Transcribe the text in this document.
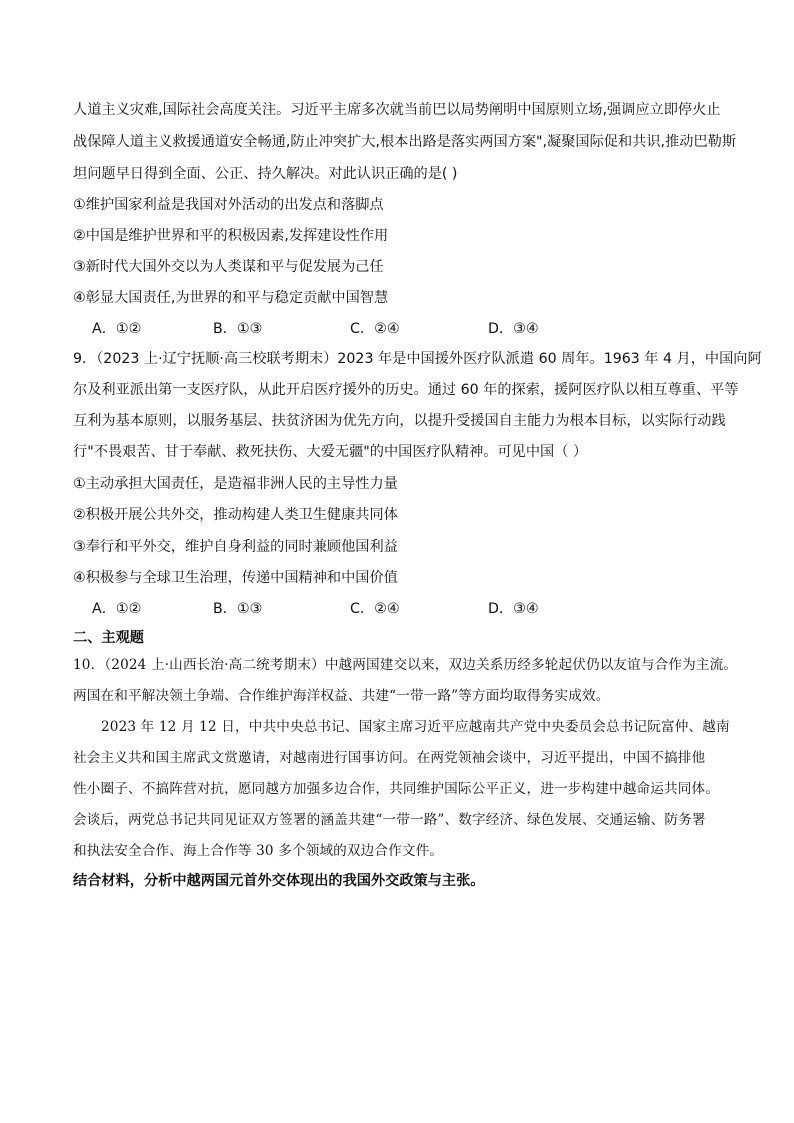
人道主义灾难,国际社会高度关注。习近平主席多次就当前巴以局势阐明中国原则立场,强调应立即停火止
战保障人道主义救援通道安全畅通,防止冲突扩大,根本出路是落实两国方案",凝聚国际促和共识,推动巴勒斯
坦问题早日得到全面、公正、持久解决。对此认识正确的是( )
①维护国家利益是我国对外活动的出发点和落脚点
②中国是维护世界和平的积极因素,发挥建设性作用
③新时代大国外交以为人类谋和平与促发展为己任
④彰显大国责任,为世界的和平与稳定贡献中国智慧
A．①②	B．①③	C．②④	D．③④
9．（2023 上·辽宁抚顺·高三校联考期末）2023 年是中国援外医疗队派遣 60 周年。1963 年 4 月，中国向阿
尔及利亚派出第一支医疗队，从此开启医疗援外的历史。通过 60 年的探索，援阿医疗队以相互尊重、平等
互利为基本原则，以服务基层、扶贫济困为优先方向，以提升受援国自主能力为根本目标，以实际行动践
行"不畏艰苦、甘于奉献、救死扶伤、大爱无疆"的中国医疗队精神。可见中国（ ）
①主动承担大国责任，是造福非洲人民的主导性力量
②积极开展公共外交，推动构建人类卫生健康共同体
③奉行和平外交，维护自身利益的同时兼顾他国利益
④积极参与全球卫生治理，传递中国精神和中国价值
A．①②	B．①③	C．②④	D．③④
二、主观题
10．（2024 上·山西长治·高二统考期末）中越两国建交以来，双边关系历经多轮起伏仍以友谊与合作为主流。
两国在和平解决领土争端、合作维护海洋权益、共建“一带一路”等方面均取得务实成效。
2023 年 12 月 12 日，中共中央总书记、国家主席习近平应越南共产党中央委员会总书记阮富仲、越南
社会主义共和国主席武文赏邀请，对越南进行国事访问。在两党领袖会谈中，习近平提出，中国不搞排他
性小圈子、不搞阵营对抗，愿同越方加强多边合作，共同维护国际公平正义，进一步构建中越命运共同体。
会谈后，两党总书记共同见证双方签署的涵盖共建“一带一路”、数字经济、绿色发展、交通运输、防务署
和执法安全合作、海上合作等 30 多个领域的双边合作文件。
结合材料，分析中越两国元首外交体现出的我国外交政策与主张。
